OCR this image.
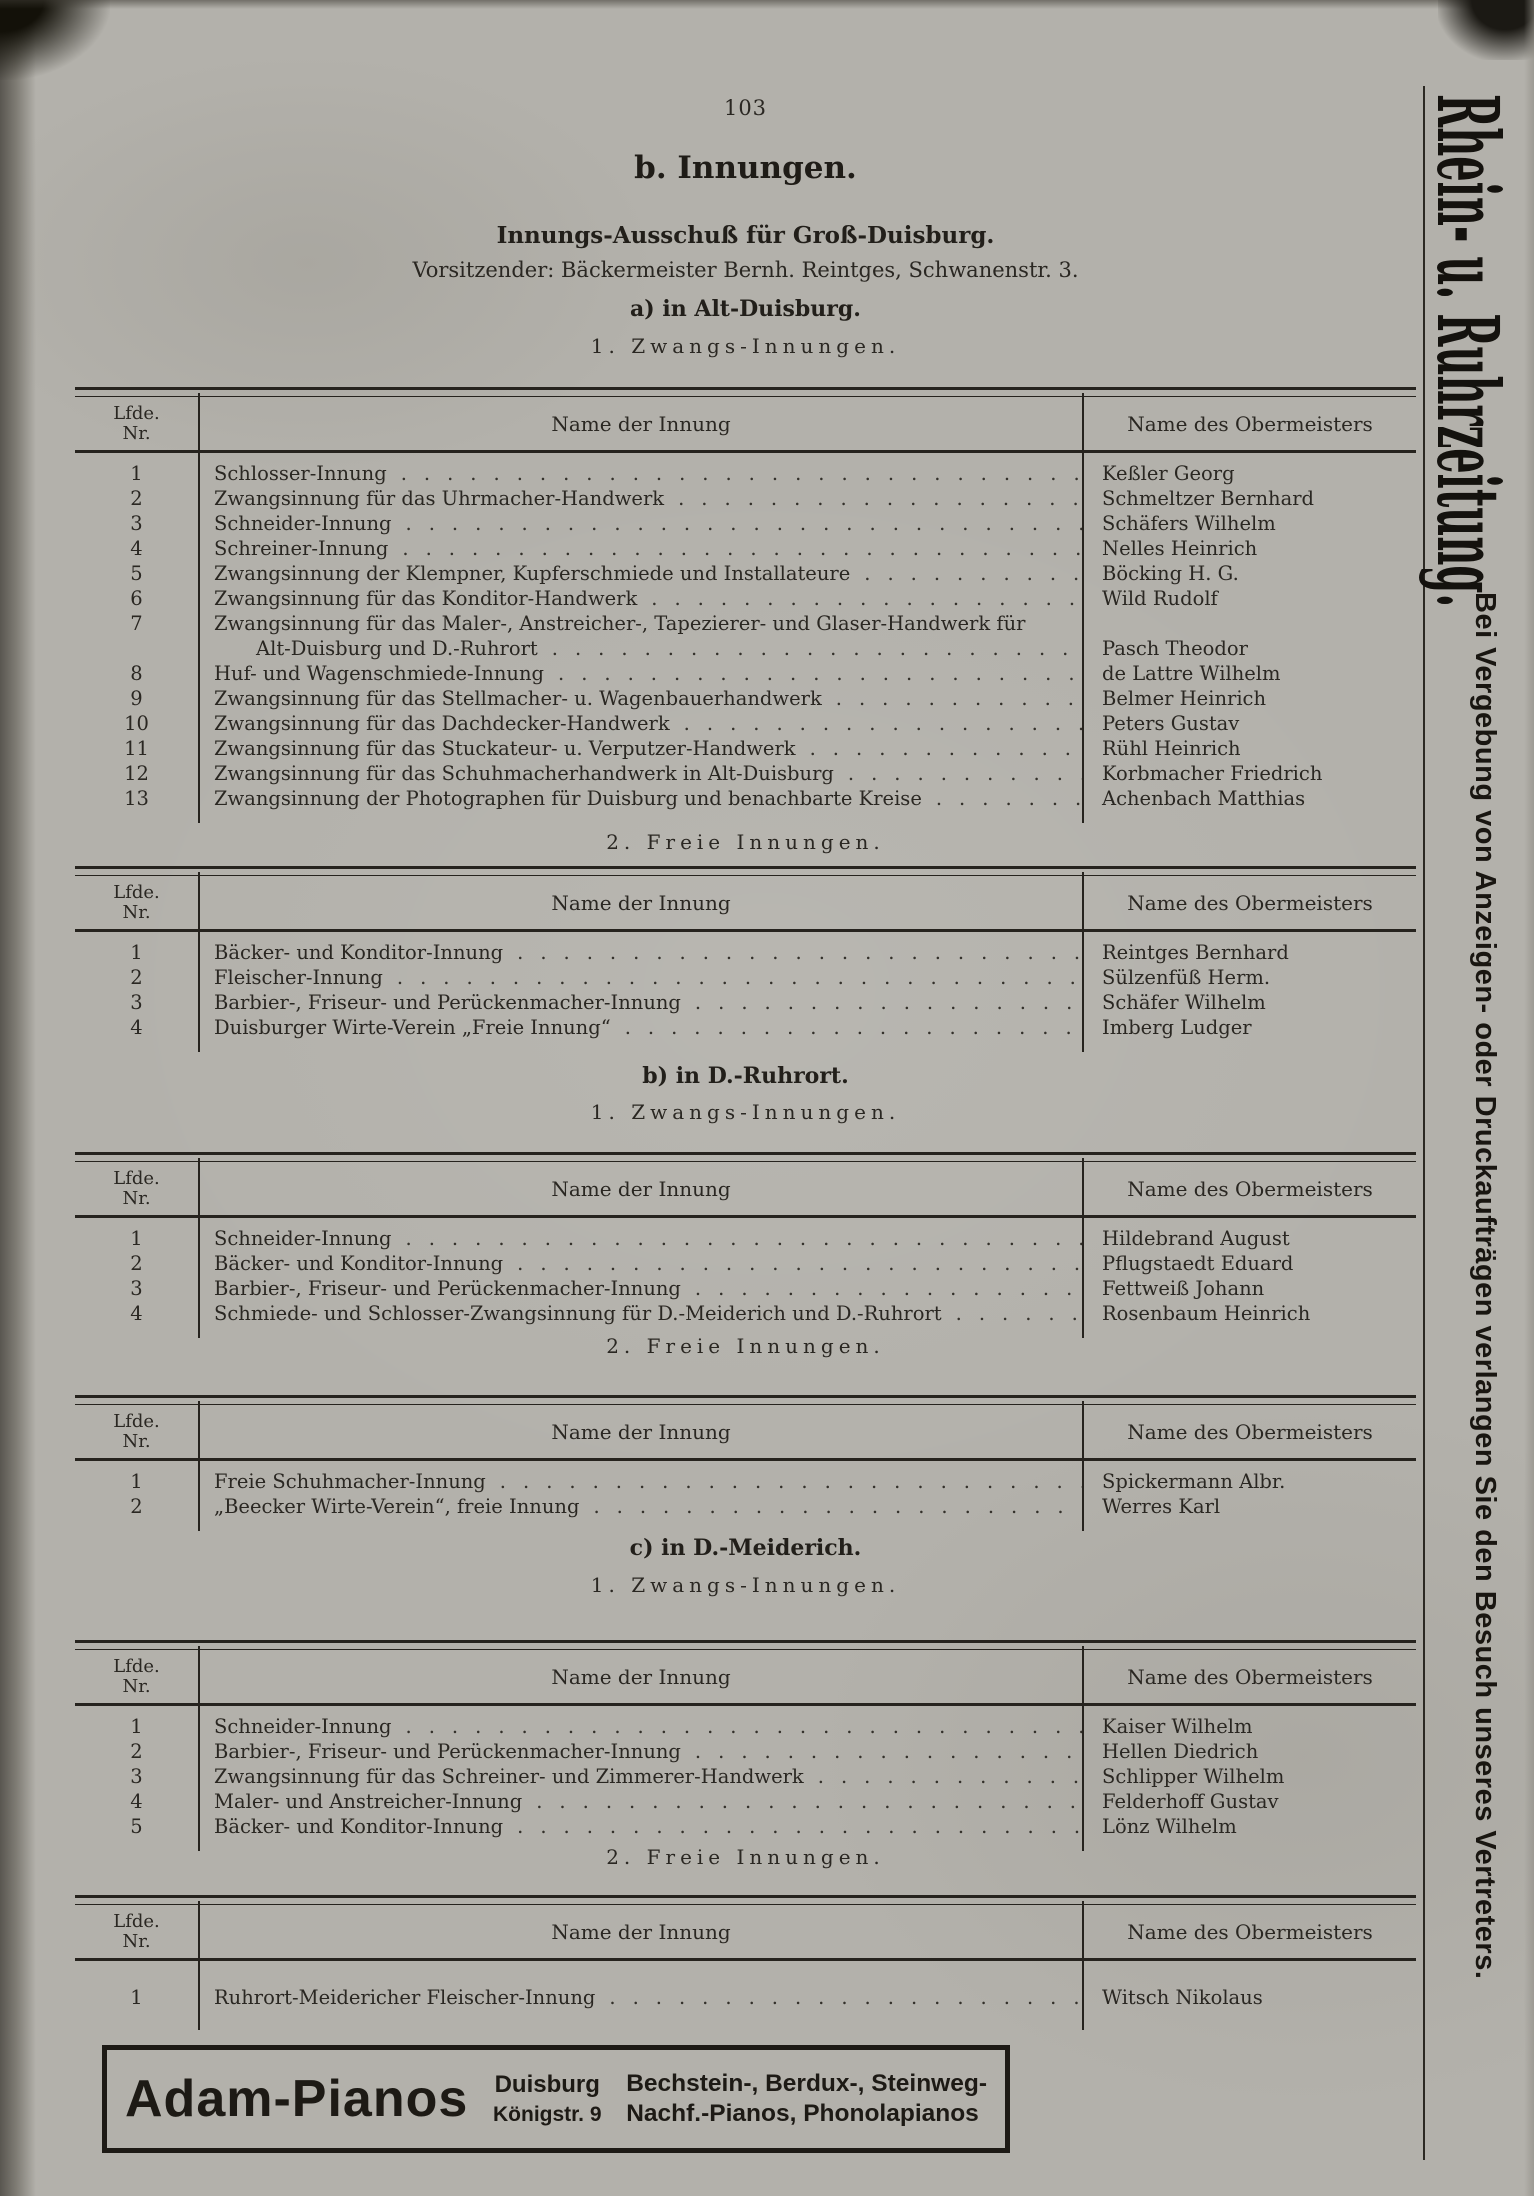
103
b. Innungen.
Innungs-Ausschuß für Groß-Duisburg.
Vorsitzender: Bäckermeister Bernh. Reintges, Schwanenstr. 3.
a) in Alt-Duisburg.
1. Zwangs-Innungen.
Lfde.
Nr.	Name der Innung	Name des Obermeisters
1	Schlosser-Innung .....	Keßler Georg
2	Zwangsinnung für das Uhrmacher-Handwerk .....	Schmeltzer Bernhard
3	Schneider-Innung .....	Schäfers Wilhelm
4	Schreiner-Innung .....	Nelles Heinrich
5	Zwangsinnung der Klempner, Kupferschmiede und Installateure .....	Böcking H. G.
6	Zwangsinnung für das Konditor-Handwerk .....	Wild Rudolf
7	Zwangsinnung für das Maler-, Anstreicher-, Tapezierer- und Glaser-Handwerk für
Alt-Duisburg und D.-Ruhrort .....	Pasch Theodor
8	Huf- und Wagenschmiede-Innung .....	de Lattre Wilhelm
9	Zwangsinnung für das Stellmacher- u. Wagenbauerhandwerk .....	Belmer Heinrich
10	Zwangsinnung für das Dachdecker-Handwerk .....	Peters Gustav
11	Zwangsinnung für das Stuckateur- u. Verputzer-Handwerk .....	Rühl Heinrich
12	Zwangsinnung für das Schuhmacherhandwerk in Alt-Duisburg .....	Korbmacher Friedrich
13	Zwangsinnung der Photographen für Duisburg und benachbarte Kreise .....	Achenbach Matthias
2. Freie Innungen.
Lfde.
Nr.	Name der Innung	Name des Obermeisters
1	Bäcker- und Konditor-Innung .....	Reintges Bernhard
2	Fleischer-Innung .....	Sülzenfüß Herm.
3	Barbier-, Friseur- und Perückenmacher-Innung .....	Schäfer Wilhelm
4	Duisburger Wirte-Verein „Freie Innung“ .....	Imberg Ludger
b) in D.-Ruhrort.
1. Zwangs-Innungen.
Lfde.
Nr.	Name der Innung	Name des Obermeisters
1	Schneider-Innung .....	Hildebrand August
2	Bäcker- und Konditor-Innung .....	Pflugstaedt Eduard
3	Barbier-, Friseur- und Perückenmacher-Innung .....	Fettweiß Johann
4	Schmiede- und Schlosser-Zwangsinnung für D.-Meiderich und D.-Ruhrort .....	Rosenbaum Heinrich
2. Freie Innungen.
Lfde.
Nr.	Name der Innung	Name des Obermeisters
1	Freie Schuhmacher-Innung .....	Spickermann Albr.
2	„Beecker Wirte-Verein“, freie Innung .....	Werres Karl
c) in D.-Meiderich.
1. Zwangs-Innungen.
Lfde.
Nr.	Name der Innung	Name des Obermeisters
1	Schneider-Innung .....	Kaiser Wilhelm
2	Barbier-, Friseur- und Perückenmacher-Innung .....	Hellen Diedrich
3	Zwangsinnung für das Schreiner- und Zimmerer-Handwerk .....	Schlipper Wilhelm
4	Maler- und Anstreicher-Innung .....	Felderhoff Gustav
5	Bäcker- und Konditor-Innung .....	Lönz Wilhelm
2. Freie Innungen.
Lfde.
Nr.	Name der Innung	Name des Obermeisters
1	Ruhrort-Meidericher Fleischer-Innung .....	Witsch Nikolaus
Adam-Pianos Duisburg
Königstr. 9
Bechstein-, Berdux-, Steinweg-
Nachf.-Pianos, Phonolapianos
Rhein- u. Ruhrzeitung.
Bei Vergebung von Anzeigen- oder Druckaufträgen verlangen Sie den Besuch unseres Vertreters.
